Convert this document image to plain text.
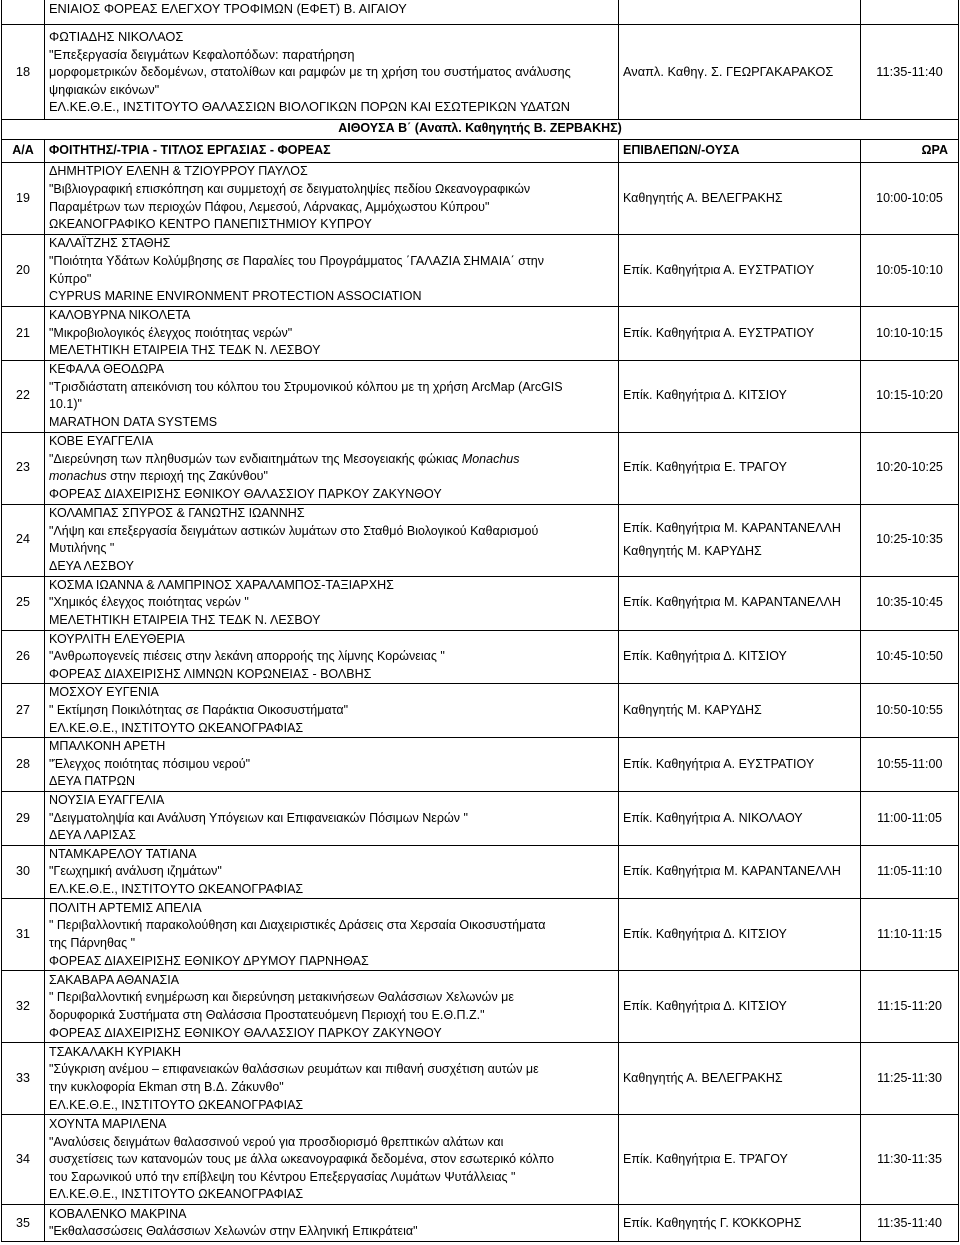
	ΕΝΙΑΙΟΣ ΦΟΡΕΑΣ ΕΛΕΓΧΟΥ ΤΡΟΦΙΜΩΝ (ΕΦΕΤ) Β. ΑΙΓΑΙΟΥ		

18	ΦΩΤΙΑΔΗΣ ΝΙΚΟΛΑΟΣ
"Επεξεργασία δειγμάτων Κεφαλοπόδων: παρατήρηση
μορφομετρικών δεδομένων, στατολίθων και ραμφών με τη χρήση του συστήματος ανάλυσης
ψηφιακών εικόνων"
ΕΛ.ΚΕ.Θ.Ε., ΙΝΣΤΙΤΟΥΤΟ ΘΑΛΑΣΣΙΩΝ ΒΙΟΛΟΓΙΚΩΝ ΠΟΡΩΝ ΚΑΙ ΕΣΩΤΕΡΙΚΩΝ ΥΔΑΤΩΝ	Αναπλ. Καθηγ. Σ. ΓΕΩΡΓΑΚΑΡΑΚΟΣ	11:35-11:40
ΑΙΘΟΥΣΑ Β΄ (Αναπλ. Καθηγητής Β. ΖΕΡΒΑΚΗΣ)			
Α/Α	ΦΟΙΤΗΤΗΣ/-ΤΡΙΑ - ΤΙΤΛΟΣ ΕΡΓΑΣΙΑΣ - ΦΟΡΕΑΣ	ΕΠΙΒΛΕΠΩΝ/-ΟΥΣΑ	ΩΡΑ
19	ΔΗΜΗΤΡΙΟΥ ΕΛΕΝΗ & ΤΖΙΟΥΡΡΟΥ ΠΑΥΛΟΣ
"Βιβλιογραφική επισκόπηση και συμμετοχή σε δειγματοληψίες πεδίου Ωκεανογραφικών
Παραμέτρων των περιοχών Πάφου, Λεμεσού, Λάρνακας, Αμμόχωστου Κύπρου"
ΩΚΕΑΝΟΓΡΑΦΙΚΟ ΚΕΝΤΡΟ ΠΑΝΕΠΙΣΤΗΜΙΟΥ ΚΥΠΡΟΥ	Καθηγητής Α. ΒΕΛΕΓΡΑΚΗΣ	10:00-10:05
20	ΚΑΛΑΪΤΖΗΣ ΣΤΑΘΗΣ
"Ποιότητα Υδάτων Κολύμβησης σε Παραλίες του Προγράμματος ΄ΓΑΛΑΖΙΑ ΣΗΜΑΙΑ΄ στην
Κύπρο"
CYPRUS MARINE ENVIRONMENT PROTECTION ASSOCIATION	Επίκ. Καθηγήτρια Α. ΕΥΣΤΡΑΤΙΟΥ	10:05-10:10
21	ΚΑΛΟΒΥΡΝΑ ΝΙΚΟΛΕΤΑ
"Μικροβιολογικός έλεγχος ποιότητας νερών"
ΜΕΛΕΤΗΤΙΚΗ ΕΤΑΙΡΕΙΑ ΤΗΣ ΤΕΔΚ Ν. ΛΕΣΒΟΥ	Επίκ. Καθηγήτρια Α. ΕΥΣΤΡΑΤΙΟΥ	10:10-10:15
22	ΚΕΦΑΛΑ ΘΕΟΔΩΡΑ
"Τρισδιάστατη απεικόνιση του κόλπου του Στρυμονικού κόλπου με τη χρήση ArcMap (ArcGIS
10.1)"
MARATHON DATA SYSTEMS	Επίκ. Καθηγήτρια Δ. ΚΙΤΣΙΟΥ	10:15-10:20
23	ΚΟΒΕ ΕΥΑΓΓΕΛΙΑ
"Διερεύνηση των πληθυσμών των ενδιαιτημάτων της Μεσογειακής φώκιας Monachus
monachus στην περιοχή της Ζακύνθου"
ΦΟΡΕΑΣ ΔΙΑΧΕΙΡΙΣΗΣ ΕΘΝΙΚΟΥ ΘΑΛΑΣΣΙΟΥ ΠΑΡΚΟΥ ΖΑΚΥΝΘΟΥ	Επίκ. Καθηγήτρια Ε. ΤΡΑΓΟΥ	10:20-10:25
24	ΚΟΛΑΜΠΑΣ ΣΠΥΡΟΣ & ΓΑΝΩΤΗΣ ΙΩΑΝΝΗΣ
"Λήψη και επεξεργασία δειγμάτων αστικών λυμάτων στο Σταθμό Βιολογικού Καθαρισμού
Μυτιλήνης "
ΔΕΥΑ ΛΕΣΒΟΥ	Επίκ. Καθηγήτρια Μ. ΚΑΡΑΝΤΑΝΕΛΛΗ
Καθηγητής Μ. ΚΑΡΥΔΗΣ	10:25-10:35
25	ΚΟΣΜΑ ΙΩΑΝΝΑ & ΛΑΜΠΡΙΝΟΣ ΧΑΡΑΛΑΜΠΟΣ-ΤΑΞΙΑΡΧΗΣ
"Χημικός έλεγχος ποιότητας νερών "
ΜΕΛΕΤΗΤΙΚΗ ΕΤΑΙΡΕΙΑ ΤΗΣ ΤΕΔΚ Ν. ΛΕΣΒΟΥ	Επίκ. Καθηγήτρια Μ. ΚΑΡΑΝΤΑΝΕΛΛΗ	10:35-10:45
26	ΚΟΥΡΛΙΤΗ ΕΛΕΥΘΕΡΙΑ
"Ανθρωπογενείς πιέσεις στην λεκάνη απορροής της λίμνης Κορώνειας "
ΦΟΡΕΑΣ ΔΙΑΧΕΙΡΙΣΗΣ ΛΙΜΝΩΝ ΚΟΡΩΝΕΙΑΣ - ΒΟΛΒΗΣ	Επίκ. Καθηγήτρια Δ. ΚΙΤΣΙΟΥ	10:45-10:50
27	ΜΟΣΧΟΥ ΕΥΓΕΝΙΑ
" Εκτίμηση Ποικιλότητας σε Παράκτια Οικοσυστήματα"
ΕΛ.ΚΕ.Θ.Ε., ΙΝΣΤΙΤΟΥΤΟ ΩΚΕΑΝΟΓΡΑΦΙΑΣ	Καθηγητής Μ. ΚΑΡΥΔΗΣ	10:50-10:55
28	ΜΠΑΛΚΟΝΗ ΑΡΕΤΗ
"Έλεγχος ποιότητας πόσιμου νερού"
ΔΕΥΑ ΠΑΤΡΩΝ	Επίκ. Καθηγήτρια Α. ΕΥΣΤΡΑΤΙΟΥ	10:55-11:00
29	ΝΟΥΣΙΑ ΕΥΑΓΓΕΛΙΑ
"Δειγματοληψία και Ανάλυση Υπόγειων και Επιφανειακών Πόσιμων Νερών "
ΔΕΥΑ ΛΑΡΙΣΑΣ	Επίκ. Καθηγήτρια Α. ΝΙΚΟΛΑΟΥ	11:00-11:05
30	ΝΤΑΜΚΑΡΕΛΟΥ ΤΑΤΙΑΝΑ
"Γεωχημική ανάλυση ιζημάτων"
ΕΛ.ΚΕ.Θ.Ε., ΙΝΣΤΙΤΟΥΤΟ ΩΚΕΑΝΟΓΡΑΦΙΑΣ	Επίκ. Καθηγήτρια Μ. ΚΑΡΑΝΤΑΝΕΛΛΗ	11:05-11:10
31	ΠΟΛΙΤΗ ΑΡΤΕΜΙΣ ΑΠΕΛΙΑ
" Περιβαλλοντική παρακολούθηση και Διαχειριστικές Δράσεις στα Χερσαία Οικοσυστήματα
της Πάρνηθας "
ΦΟΡΕΑΣ ΔΙΑΧΕΙΡΙΣΗΣ ΕΘΝΙΚΟΥ ΔΡΥΜΟΥ ΠΑΡΝΗΘΑΣ	Επίκ. Καθηγήτρια Δ. ΚΙΤΣΙΟΥ	11:10-11:15
32	ΣΑΚΑΒΑΡΑ ΑΘΑΝΑΣΙΑ
" Περιβαλλοντική ενημέρωση και διερεύνηση μετακινήσεων Θαλάσσιων Χελωνών με
δορυφορικά Συστήματα στη Θαλάσσια Προστατευόμενη Περιοχή του Ε.Θ.Π.Ζ."
ΦΟΡΕΑΣ ΔΙΑΧΕΙΡΙΣΗΣ ΕΘΝΙΚΟΥ ΘΑΛΑΣΣΙΟΥ ΠΑΡΚΟΥ ΖΑΚΥΝΘΟΥ	Επίκ. Καθηγήτρια Δ. ΚΙΤΣΙΟΥ	11:15-11:20
33	ΤΣΑΚΑΛΑΚΗ ΚΥΡΙΑΚΗ
"Σύγκριση ανέμου – επιφανειακών θαλάσσιων ρευμάτων και πιθανή συσχέτιση αυτών με
την κυκλοφορία Ekman στη Β.Δ. Ζάκυνθο"
ΕΛ.ΚΕ.Θ.Ε., ΙΝΣΤΙΤΟΥΤΟ ΩΚΕΑΝΟΓΡΑΦΙΑΣ	Καθηγητής Α. ΒΕΛΕΓΡΑΚΗΣ	11:25-11:30
34	ΧΟΥΝΤΑ ΜΑΡΙΛΕΝΑ
"Αναλύσεις δειγμάτων θαλασσινού νερού για προσδιορισμό θρεπτικών αλάτων και
συσχετίσεις των κατανομών τους με άλλα ωκεανογραφικά δεδομένα, στον εσωτερικό κόλπο
του Σαρωνικού υπό την επίβλεψη του Κέντρου Επεξεργασίας Λυμάτων Ψυτάλλειας "
ΕΛ.ΚΕ.Θ.Ε., ΙΝΣΤΙΤΟΥΤΟ ΩΚΕΑΝΟΓΡΑΦΙΑΣ	Επίκ. Καθηγήτρια Ε. ΤΡΆΓΟΥ	11:30-11:35
35	ΚΟΒΑΛΕΝΚΟ ΜΑΚΡΙΝΑ
"Εκθαλασσώσεις Θαλάσσιων Χελωνών στην Ελληνική Επικράτεια"	Επίκ. Καθηγητής Γ. ΚΌΚΚΟΡΗΣ	11:35-11:40
